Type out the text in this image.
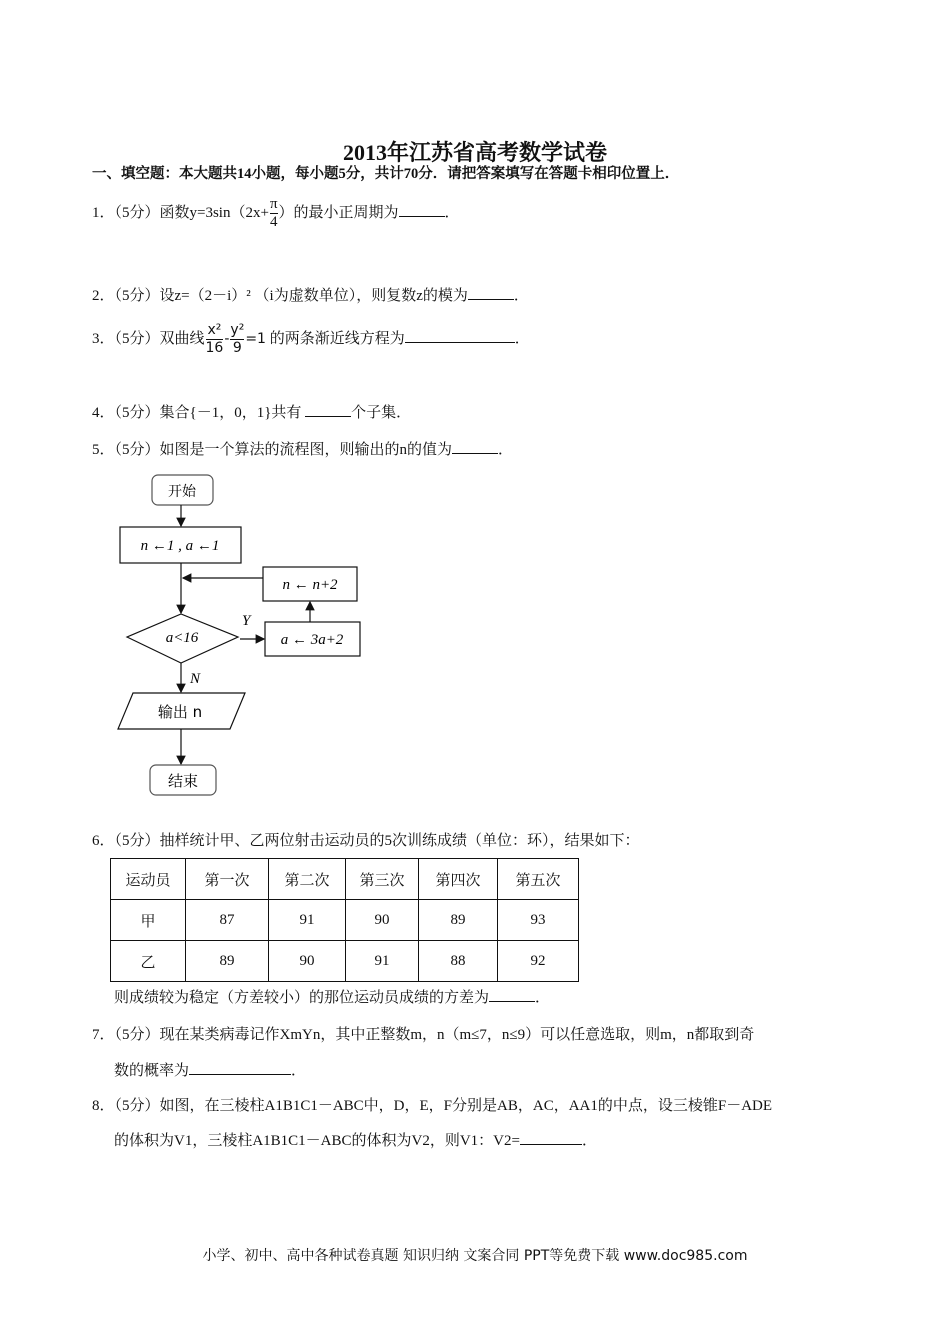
2013年江苏省高考数学试卷
一、填空题：本大题共14小题，每小题5分，共计70分．请把答案填写在答题卡相印位置上．
1．（5分）函数$y=3\sin(2x+ \frac{\pi}{4}$ ）的最小正周期为	．
2．（5分）设z=（2－i）² （i为虚数单位），则复数z的模为	．
3．（5分）双曲线 $\frac{\text{x²}}{16} - \frac{\text{y²}}{9} =1$ 的两条渐近线方程为	．
4．（5分）集合{－1，0，1}共有	个子集．
5．（5分）如图是一个算法的流程图，则输出的n的值为	．
开始
n ←1 , a ←1
n ← n+2
a<16
Y
a ← 3a+2
N
输出 n
结束
6．（5分）抽样统计甲、乙两位射击运动员的5次训练成绩（单位：环），结果如下：
运动员	第一次	第二次	第三次	第四次	第五次
甲	87	91	90	89	93
乙	89	90	91	88	92
则成绩较为稳定（方差较小）的那位运动员成绩的方差为	．
7．（5分）现在某类病毒记作XmYn，其中正整数m，n（m≤7，n≤9）可以任意选取，则m，n都取到奇
数的概率为	．
8．（5分）如图，在三棱柱A1B1C1－ABC中，D，E，F分别是AB，AC，AA1的中点，设三棱锥F－ADE
的体积为V1，三棱柱A1B1C1－ABC的体积为V2，则V1：V2=	．
小学、初中、高中各种试卷真题 知识归纳 文案合同 PPT等免费下载 www.doc985.com
